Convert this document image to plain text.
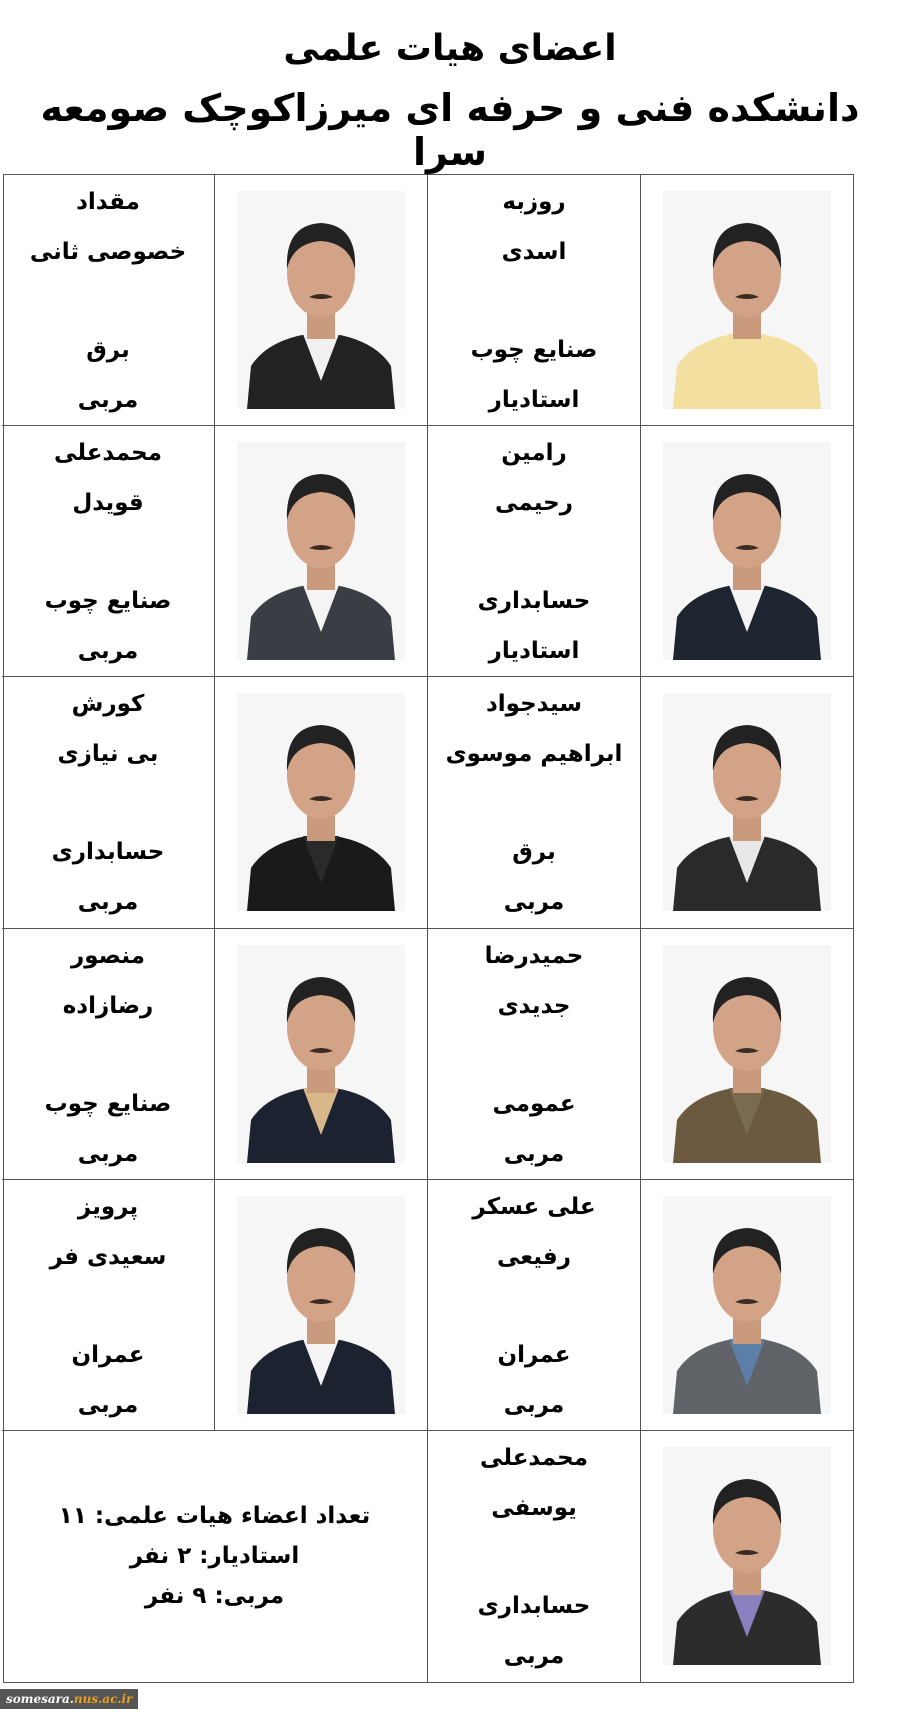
اعضای هیات علمی
دانشکده فنی و حرفه ای میرزاکوچک صومعه سرا
روزبه
اسدی
صنایع چوب
استادیار
مقداد
خصوصی ثانی
برق
مربی
رامین
رحیمی
حسابداری
استادیار
محمدعلی
قویدل
صنایع چوب
مربی
سیدجواد
ابراهیم موسوی
برق
مربی
کورش
بی نیازی
حسابداری
مربی
حمیدرضا
جدیدی
عمومی
مربی
منصور
رضازاده
صنایع چوب
مربی
علی عسکر
رفیعی
عمران
مربی
پرویز
سعیدی فر
عمران
مربی
محمدعلی
یوسفی
حسابداری
مربی
تعداد اعضاء هیات علمی: ۱۱
استادیار: ۲ نفر
مربی: ۹ نفر
somesara.nus.ac.ir
